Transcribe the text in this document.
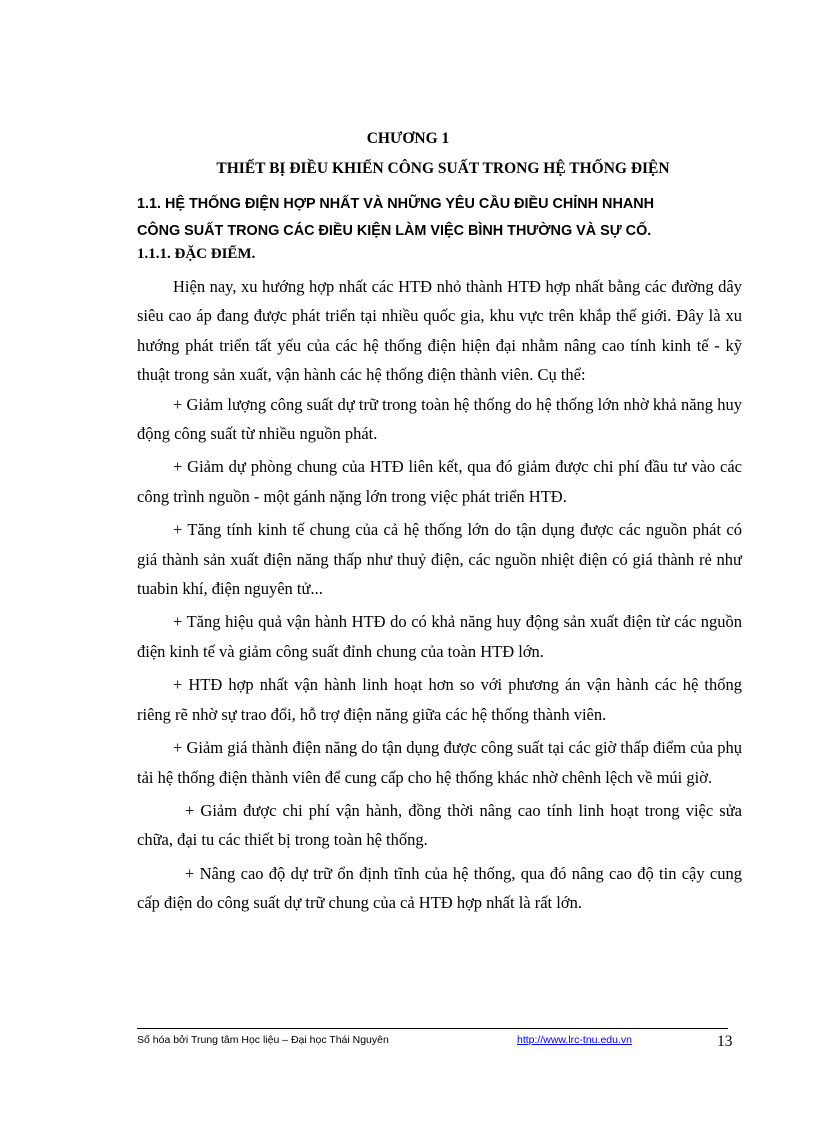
CHƯƠNG 1
THIẾT BỊ ĐIỀU KHIỂN CÔNG SUẤT TRONG HỆ THỐNG ĐIỆN
1.1. HỆ THỐNG ĐIỆN HỢP NHẤT VÀ NHỮNG YÊU CẦU ĐIỀU CHỈNH NHANH
CÔNG SUẤT TRONG CÁC ĐIỀU KIỆN LÀM VIỆC BÌNH THƯỜNG VÀ SỰ CỐ.
1.1.1. ĐẶC ĐIỂM.

Hiện nay, xu hướng hợp nhất các HTĐ nhỏ thành HTĐ hợp nhất bằng các đường dây siêu cao áp đang được phát triển tại nhiều quốc gia, khu vực trên khắp thế giới. Đây là xu hướng phát triển tất yếu của các hệ thống điện hiện đại nhằm nâng cao tính kinh tế - kỹ thuật trong sản xuất, vận hành các hệ thống điện thành viên. Cụ thể:

+ Giảm lượng công suất dự trữ trong toàn hệ thống do hệ thống lớn nhờ khả năng huy động công suất từ nhiều nguồn phát.

+ Giảm dự phòng chung của HTĐ liên kết, qua đó giảm được chi phí đầu tư vào các công trình nguồn - một gánh nặng lớn trong việc phát triển HTĐ.

+ Tăng tính kinh tế chung của cả hệ thống lớn do tận dụng được các nguồn phát có giá thành sản xuất điện năng thấp như thuỷ điện, các nguồn nhiệt điện có giá thành rẻ như tuabin khí, điện nguyên tử...

+ Tăng hiệu quả vận hành HTĐ do có khả năng huy động sản xuất điện từ các nguồn điện kinh tế và giảm công suất đỉnh chung của toàn HTĐ lớn.

+ HTĐ hợp nhất vận hành linh hoạt hơn so với phương án vận hành các hệ thống riêng rẽ nhờ sự trao đổi, hỗ trợ điện năng giữa các hệ thống thành viên.

+ Giảm giá thành điện năng do tận dụng được công suất tại các giờ thấp điểm của phụ tải hệ thống điện thành viên để cung cấp cho hệ thống khác nhờ chênh lệch về múi giờ.

+ Giảm được chi phí vận hành, đồng thời nâng cao tính linh hoạt trong việc sửa chữa, đại tu các thiết bị trong toàn hệ thống.

+ Nâng cao độ dự trữ ổn định tĩnh của hệ thống, qua đó nâng cao độ tin cậy cung cấp điện do công suất dự trữ chung của cả HTĐ hợp nhất là rất lớn.

Số hóa bởi Trung tâm Học liệu – Đại học Thái Nguyên	http://www.lrc-tnu.edu.vn	13
